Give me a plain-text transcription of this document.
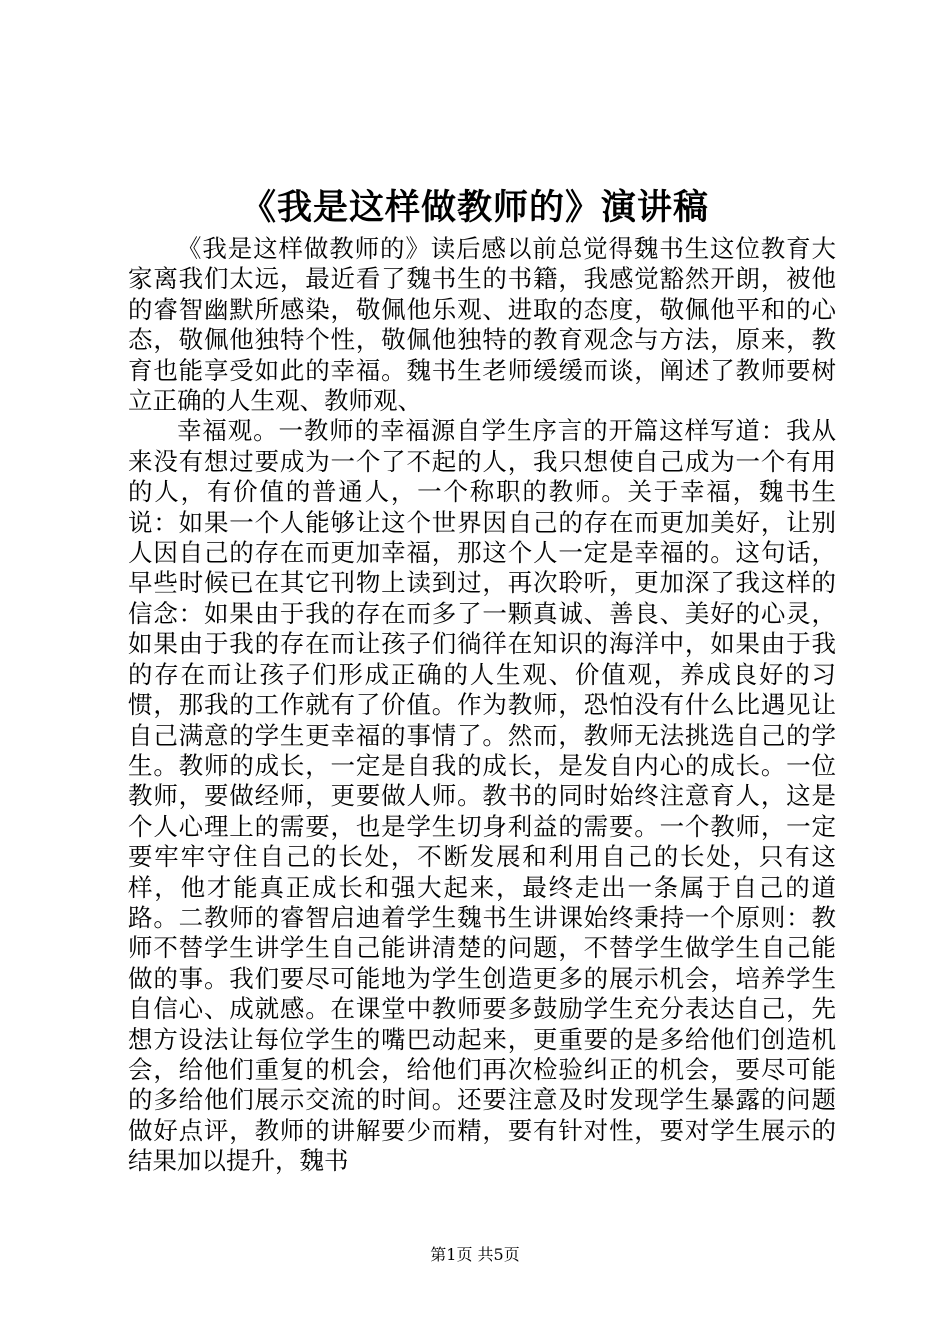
《我是这样做教师的》演讲稿

《我是这样做教师的》读后感以前总觉得魏书生这位教育大家离我们太远，最近看了魏书生的书籍，我感觉豁然开朗，被他的睿智幽默所感染，敬佩他乐观、进取的态度，敬佩他平和的心态，敬佩他独特个性，敬佩他独特的教育观念与方法，原来，教育也能享受如此的幸福。魏书生老师缓缓而谈，阐述了教师要树立正确的人生观、教师观、

幸福观。一教师的幸福源自学生序言的开篇这样写道：我从来没有想过要成为一个了不起的人，我只想使自己成为一个有用的人，有价值的普通人，一个称职的教师。关于幸福，魏书生说：如果一个人能够让这个世界因自己的存在而更加美好，让别人因自己的存在而更加幸福，那这个人一定是幸福的。这句话，早些时候已在其它刊物上读到过，再次聆听，更加深了我这样的信念：如果由于我的存在而多了一颗真诚、善良、美好的心灵，如果由于我的存在而让孩子们徜徉在知识的海洋中，如果由于我的存在而让孩子们形成正确的人生观、价值观，养成良好的习惯，那我的工作就有了价值。作为教师，恐怕没有什么比遇见让自己满意的学生更幸福的事情了。然而，教师无法挑选自己的学生。教师的成长，一定是自我的成长，是发自内心的成长。一位教师，要做经师，更要做人师。教书的同时始终注意育人，这是个人心理上的需要，也是学生切身利益的需要。一个教师，一定要牢牢守住自己的长处，不断发展和利用自己的长处，只有这样，他才能真正成长和强大起来，最终走出一条属于自己的道路。二教师的睿智启迪着学生魏书生讲课始终秉持一个原则：教师不替学生讲学生自己能讲清楚的问题，不替学生做学生自己能做的事。我们要尽可能地为学生创造更多的展示机会，培养学生自信心、成就感。在课堂中教师要多鼓励学生充分表达自己，先想方设法让每位学生的嘴巴动起来，更重要的是多给他们创造机会，给他们重复的机会，给他们再次检验纠正的机会，要尽可能的多给他们展示交流的时间。还要注意及时发现学生暴露的问题做好点评，教师的讲解要少而精，要有针对性，要对学生展示的结果加以提升，魏书

第1页 共5页
